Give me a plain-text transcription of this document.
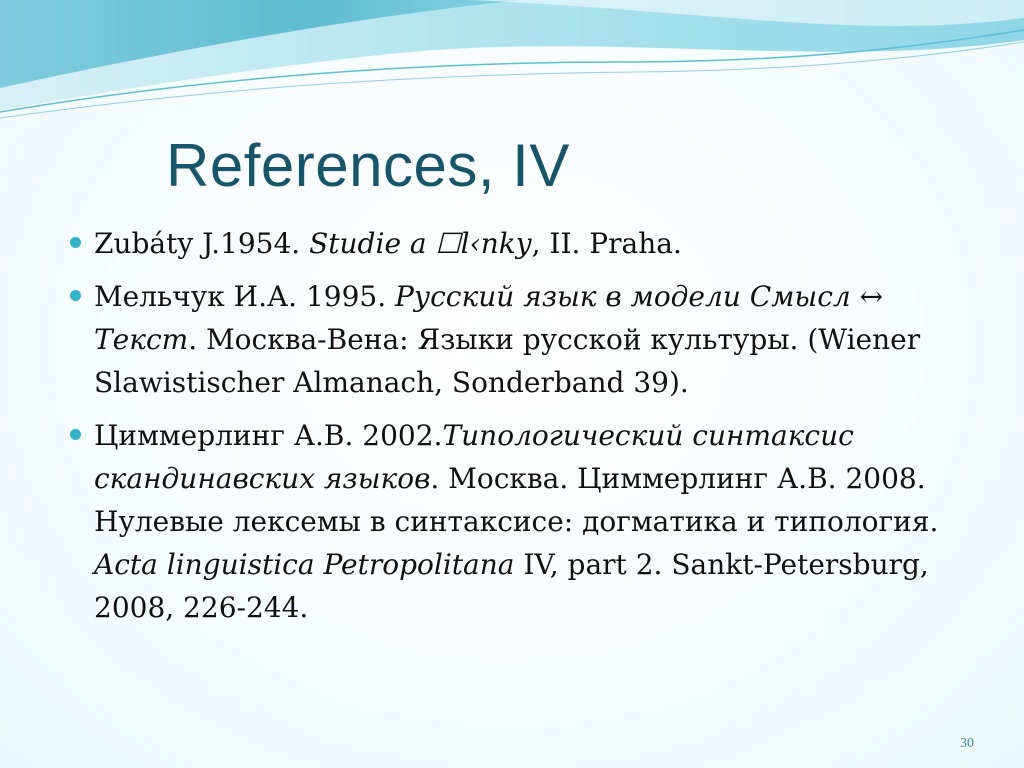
References, IV
Zubáty J.1954. Studie a ☐l‹nky, II. Praha.
Мельчук И.А. 1995. Русский язык в модели Смысл ↔ Текст. Москва-Вена: Языки русской культуры. (Wiener Slawistischer Almanach, Sonderband 39).
Циммерлинг А.В. 2002.Типологический синтаксис скандинавских языков. Москва. Циммерлинг А.В. 2008. Нулевые лексемы в синтаксисе: догматика и типология. Acta linguistica Petropolitana IV, part 2. Sankt-Petersburg, 2008, 226-244.
30
